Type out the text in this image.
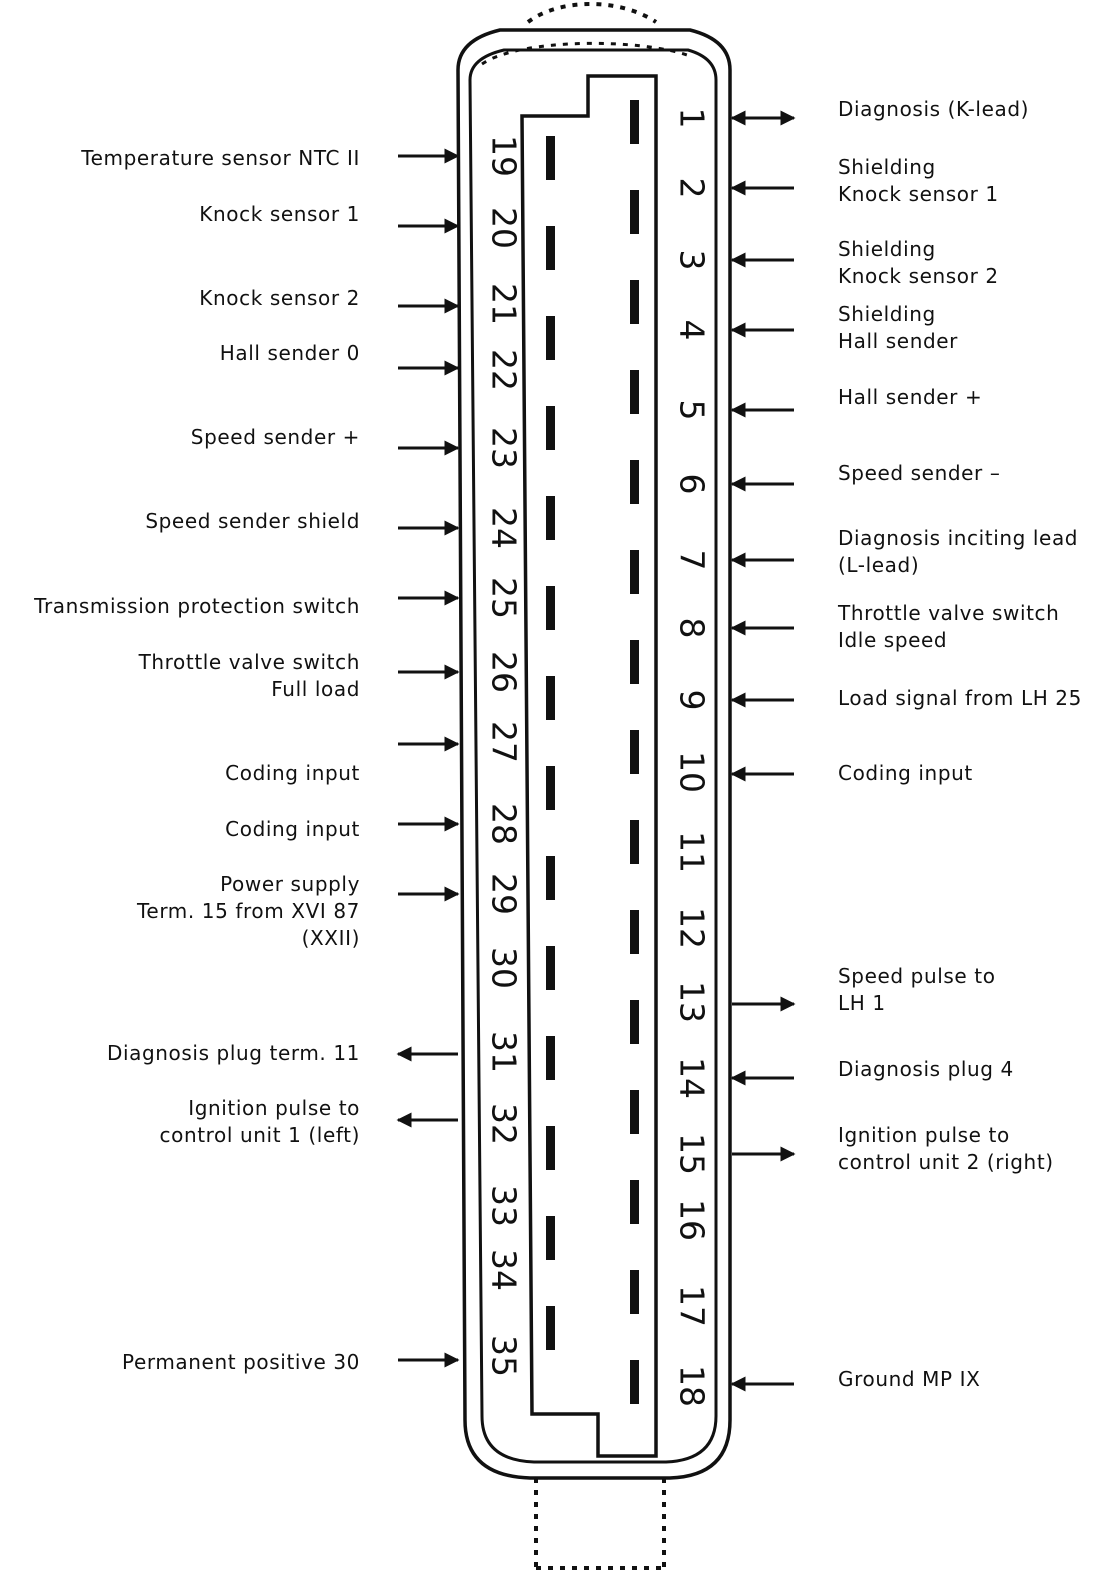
19
20
21
22
23
24
25
26
27
28
29
30
31
32
33
34
35
1
2
3
4
5
6
7
8
9
10
11
12
13
14
15
16
17
18
Temperature sensor NTC II
Knock sensor 1
Knock sensor 2
Hall sender 0
Speed sender +
Speed sender shield
Transmission protection switch
Throttle valve switch
Full load
Coding input
Coding input
Power supply
Term. 15 from XVI 87
(XXII)
Diagnosis plug term. 11
Ignition pulse to
control unit 1 (left)
Permanent positive 30
Diagnosis (K-lead)
Shielding
Knock sensor 1
Shielding
Knock sensor 2
Shielding
Hall sender
Hall sender +
Speed sender –
Diagnosis inciting lead
(L-lead)
Throttle valve switch
Idle speed
Load signal from LH 25
Coding input
Speed pulse to
LH 1
Diagnosis plug 4
Ignition pulse to
control unit 2 (right)
Ground MP IX
